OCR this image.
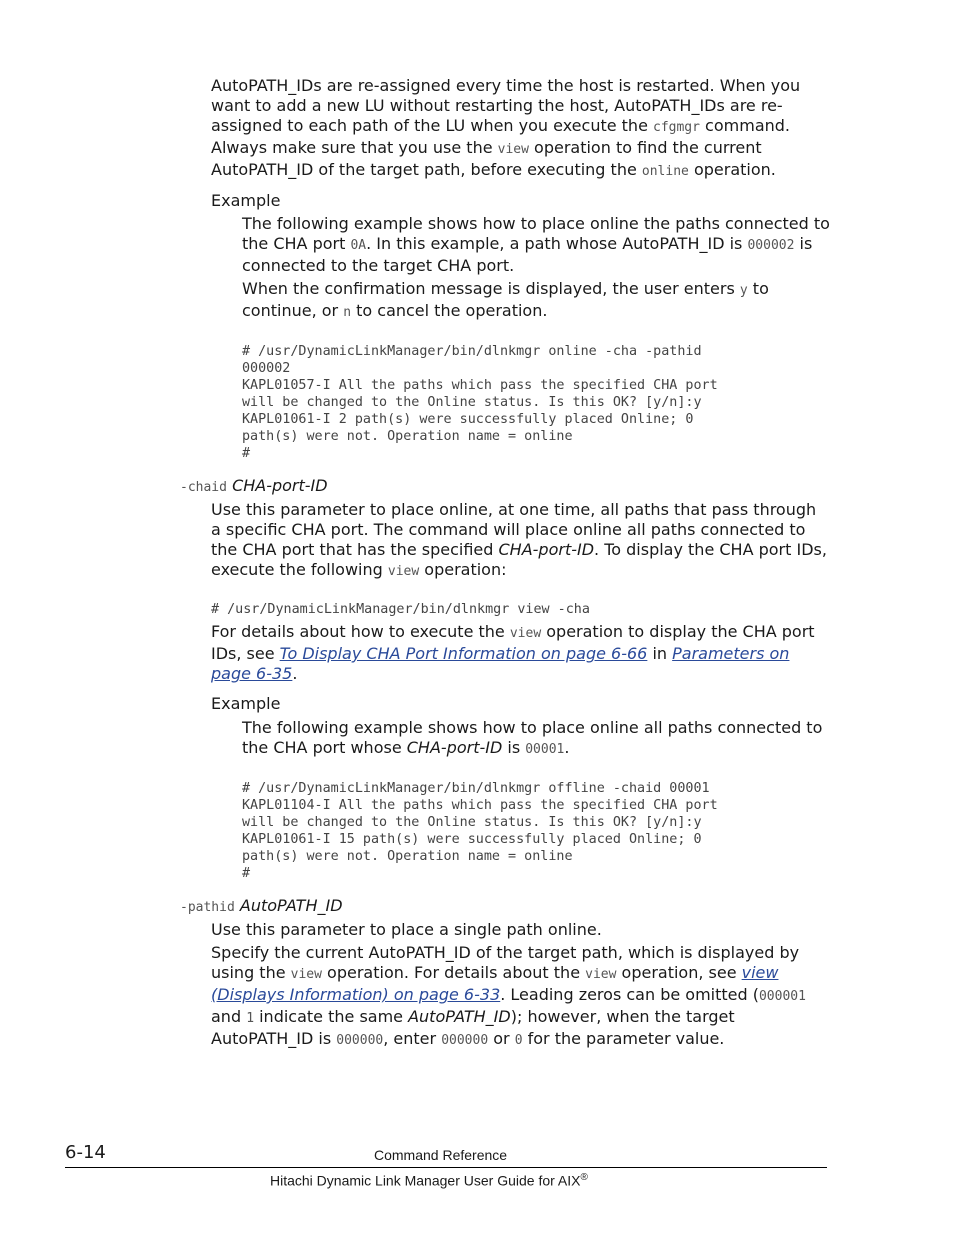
AutoPATH_IDs are re-assigned every time the host is restarted. When you want to add a new LU without restarting the host, AutoPATH_IDs are re-assigned to each path of the LU when you execute the cfgmgr command. Always make sure that you use the view operation to find the current AutoPATH_ID of the target path, before executing the online operation.

Example

The following example shows how to place online the paths connected to the CHA port 0A. In this example, a path whose AutoPATH_ID is 000002 is connected to the target CHA port.

When the confirmation message is displayed, the user enters y to continue, or n to cancel the operation.

# /usr/DynamicLinkManager/bin/dlnkmgr online -cha -pathid
000002
KAPL01057-I All the paths which pass the specified CHA port
will be changed to the Online status. Is this OK? [y/n]:y
KAPL01061-I 2 path(s) were successfully placed Online; 0
path(s) were not. Operation name = online
#
-chaid CHA-port-ID

Use this parameter to place online, at one time, all paths that pass through a specific CHA port. The command will place online all paths connected to the CHA port that has the specified CHA-port-ID. To display the CHA port IDs, execute the following view operation:

# /usr/DynamicLinkManager/bin/dlnkmgr view -cha

For details about how to execute the view operation to display the CHA port IDs, see To Display CHA Port Information on page 6-66 in Parameters on page 6-35.

Example

The following example shows how to place online all paths connected to the CHA port whose CHA-port-ID is 00001.

# /usr/DynamicLinkManager/bin/dlnkmgr offline -chaid 00001
KAPL01104-I All the paths which pass the specified CHA port
will be changed to the Online status. Is this OK? [y/n]:y
KAPL01061-I 15 path(s) were successfully placed Online; 0
path(s) were not. Operation name = online
#
-pathid AutoPATH_ID
Use this parameter to place a single path online.

Specify the current AutoPATH_ID of the target path, which is displayed by using the view operation. For details about the view operation, see view (Displays Information) on page 6-33. Leading zeros can be omitted (000001 and 1 indicate the same AutoPATH_ID); however, when the target AutoPATH_ID is 000000, enter 000000 or 0 for the parameter value.

6-14	Command Reference
Hitachi Dynamic Link Manager User Guide for AIX®
